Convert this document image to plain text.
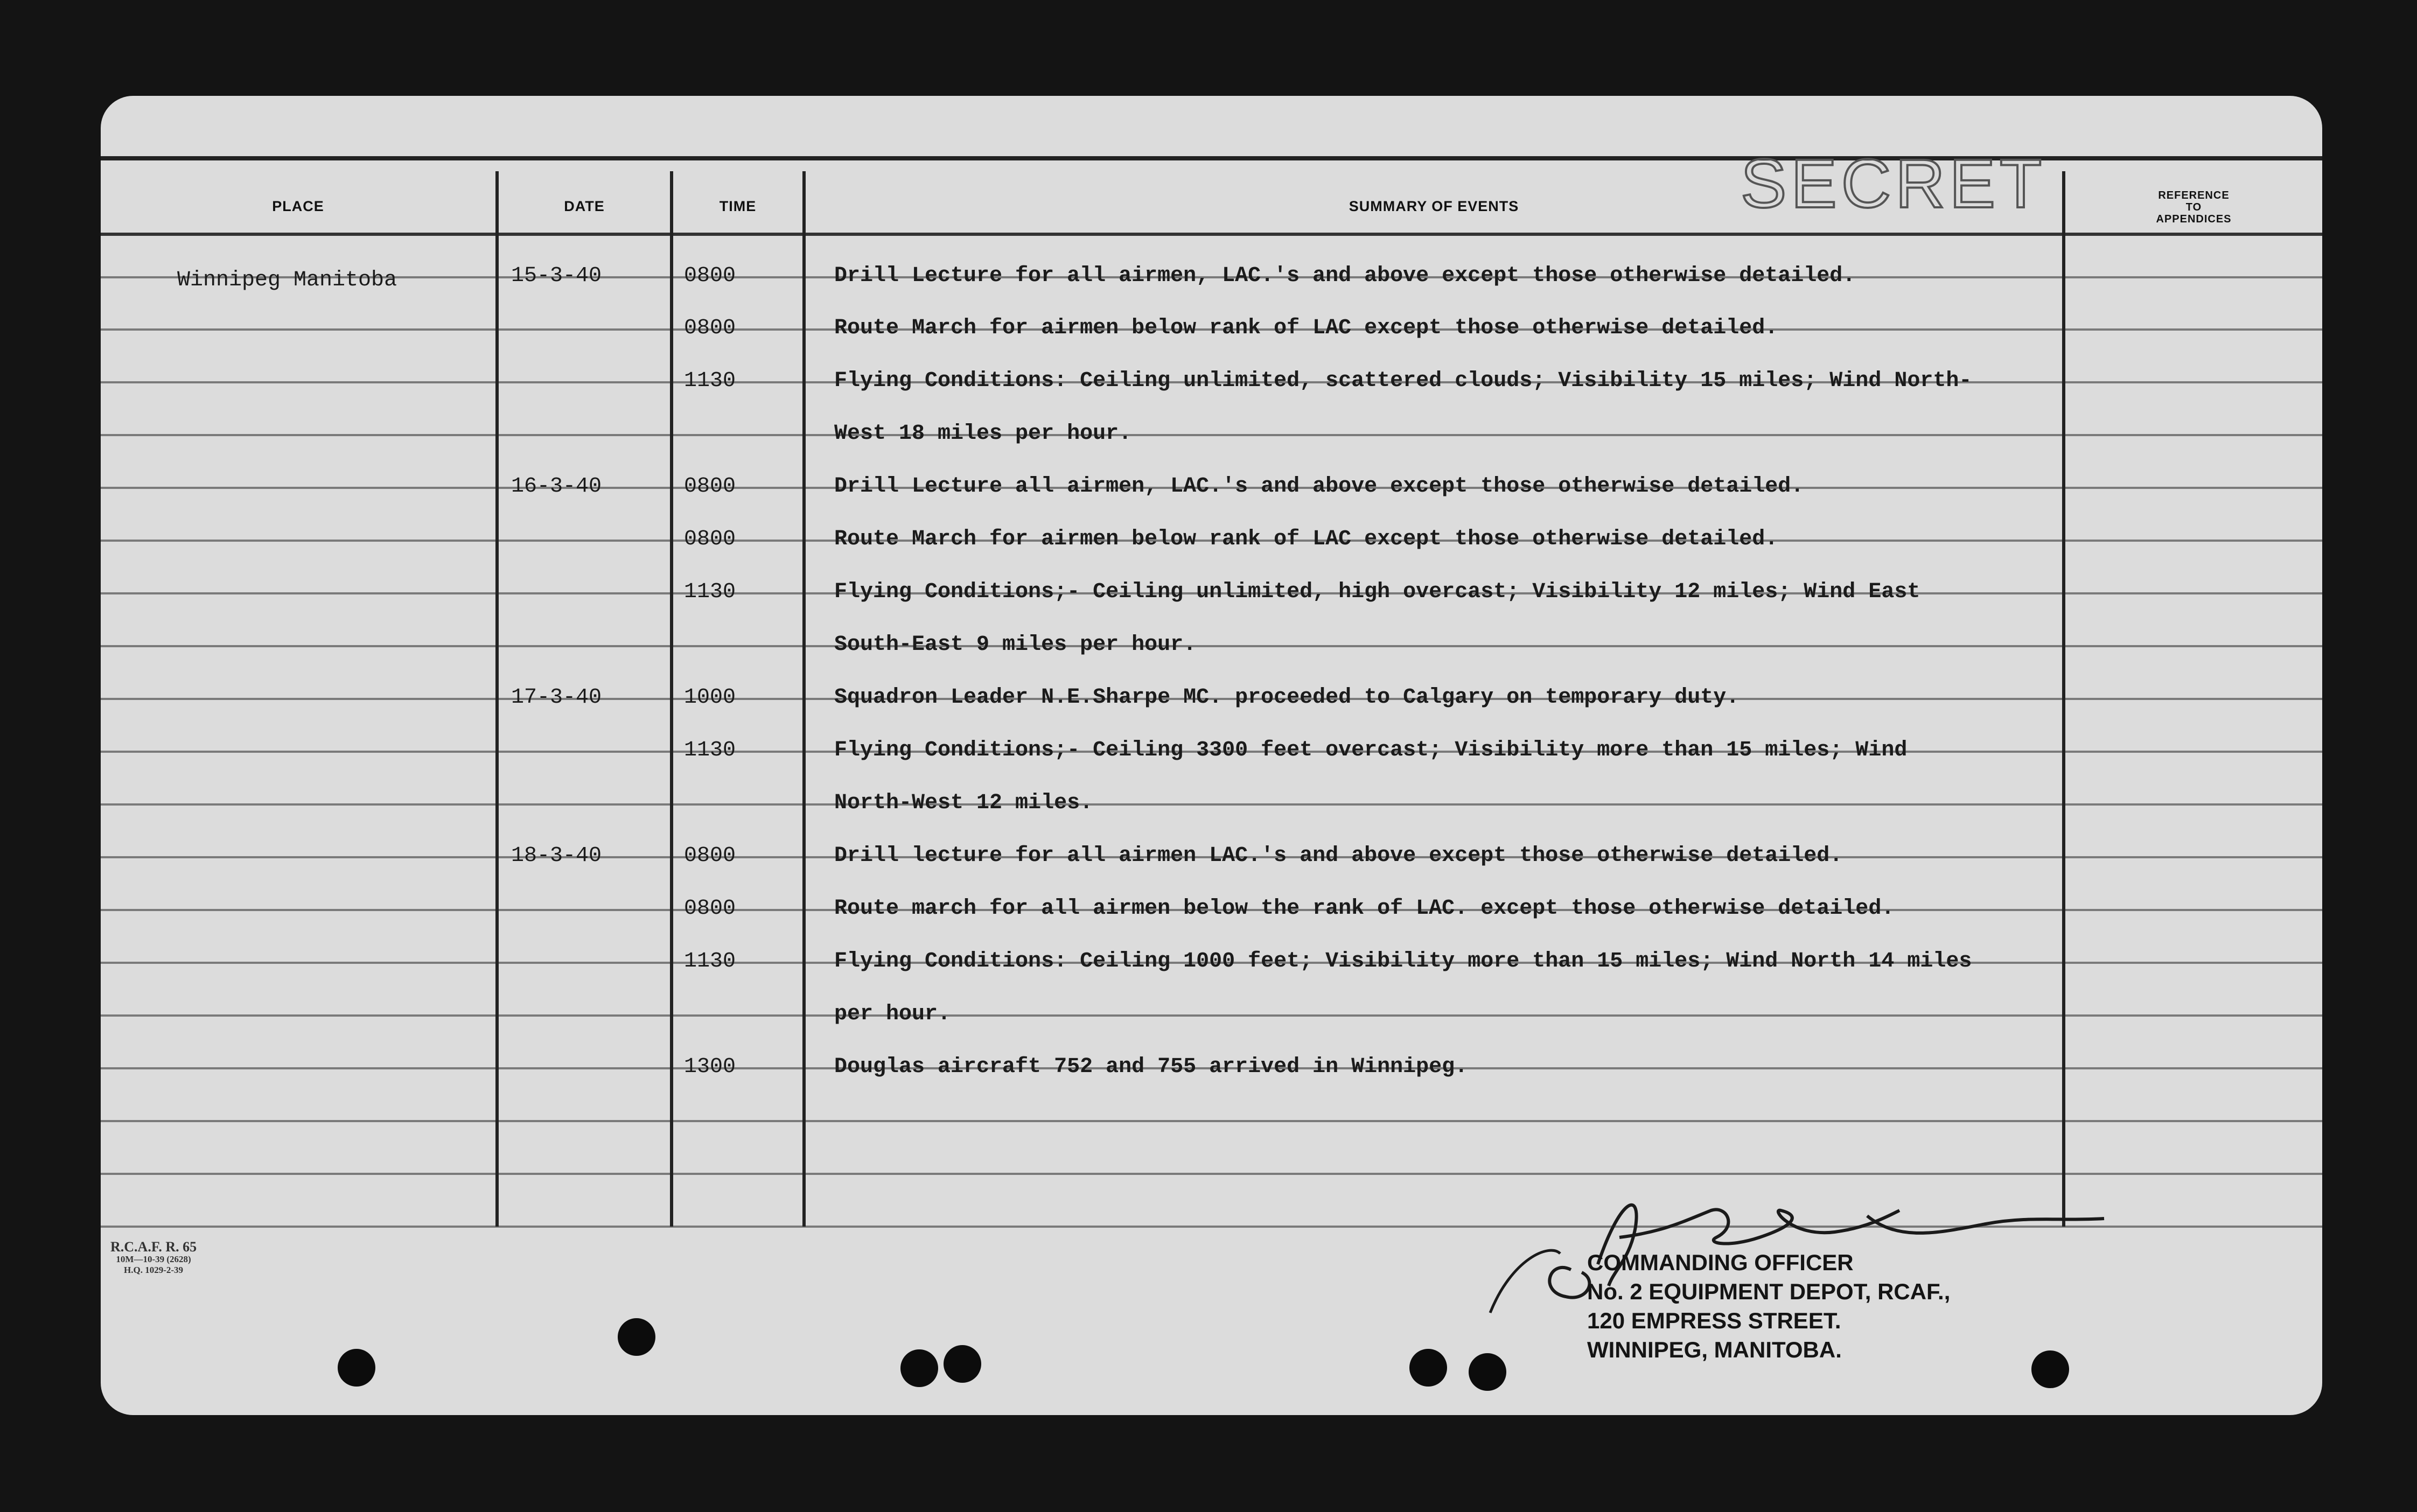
PLACE	DATE	TIME	SUMMARY OF EVENTS
REFERENCE
TO
APPENDICES
SECRET
Winnipeg Manitoba	15-3-40	0800	Drill Lecture for all airmen, LAC.'s and above except those otherwise detailed.
0800	Route March for airmen below rank of LAC except those otherwise detailed.
1130	Flying Conditions: Ceiling unlimited, scattered clouds; Visibility 15 miles; Wind North-
West 18 miles per hour.
16-3-40	0800	Drill Lecture all airmen, LAC.'s and above except those otherwise detailed.
0800	Route March for airmen below rank of LAC except those otherwise detailed.
1130	Flying Conditions;- Ceiling unlimited, high overcast; Visibility 12 miles; Wind East
South-East 9 miles per hour.
17-3-40	1000	Squadron Leader N.E.Sharpe MC. proceeded to Calgary on temporary duty.
1130	Flying Conditions;- Ceiling 3300 feet overcast; Visibility more than 15 miles; Wind
North-West 12 miles.
18-3-40	0800	Drill lecture for all airmen LAC.'s and above except those otherwise detailed.
0800	Route march for all airmen below the rank of LAC. except those otherwise detailed.
1130	Flying Conditions: Ceiling 1000 feet; Visibility more than 15 miles; Wind North 14 miles
per hour.
1300	Douglas aircraft 752 and 755 arrived in Winnipeg.
R.C.A.F. R. 65
10M—10-39 (2628)
H.Q. 1029-2-39	COMMANDING OFFICER
No. 2 EQUIPMENT DEPOT, RCAF.,
120 EMPRESS STREET.
WINNIPEG, MANITOBA.
